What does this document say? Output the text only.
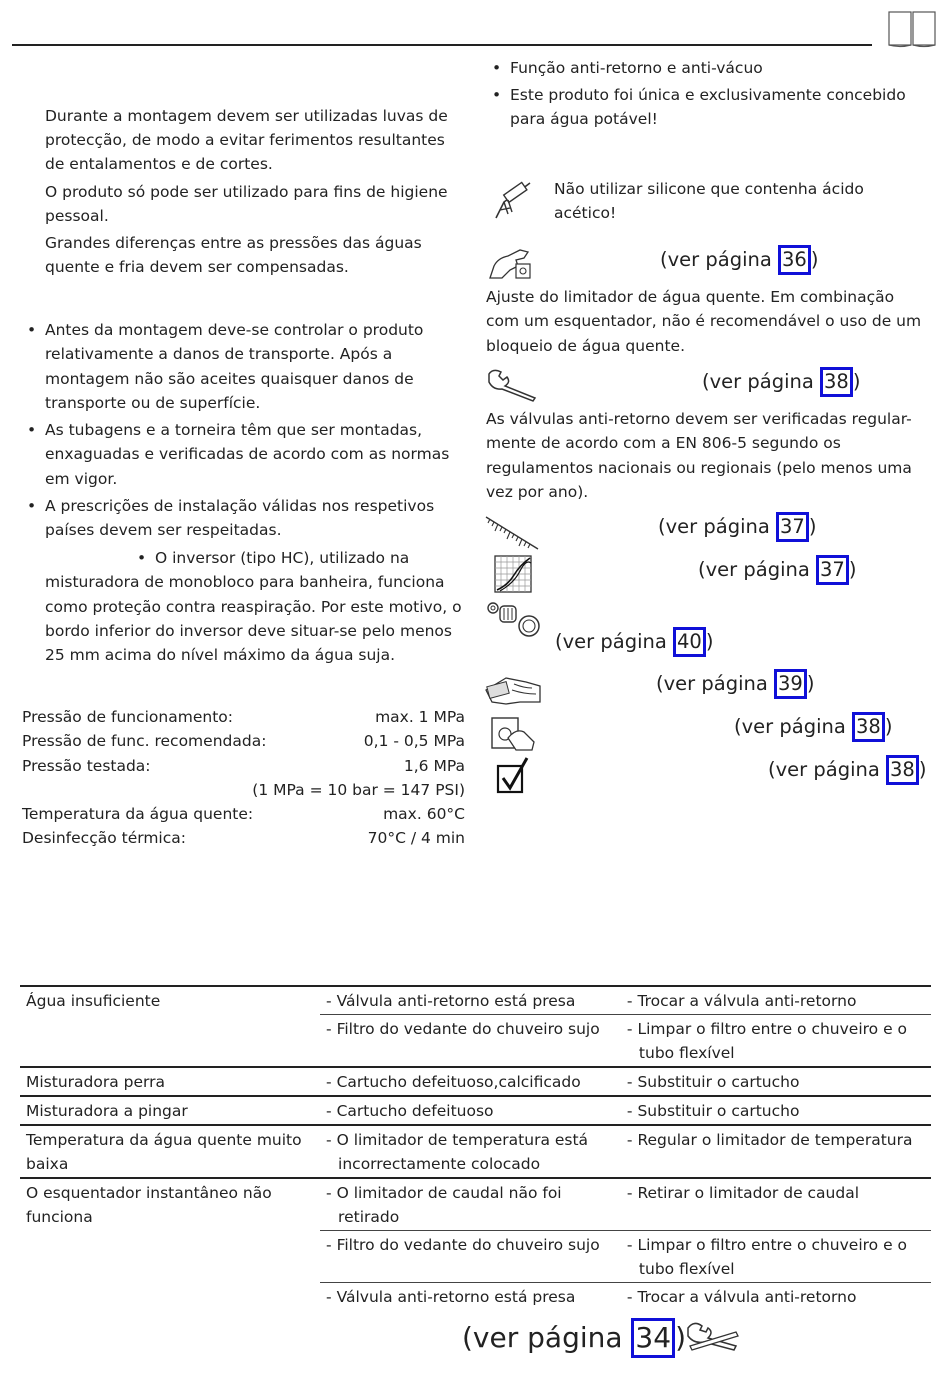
Durante a montagem devem ser utilizadas luvas de protecção, de modo a evitar ferimentos resultantes de entalamentos e de cortes.
O produto só pode ser utilizado para fins de higiene pessoal.
Grandes diferenças entre as pressões das águas quente e fria devem ser compensadas.
• Antes da montagem deve-se controlar o produto relativamente a danos de transporte. Após a montagem não são aceites quaisquer danos de transporte ou de superfície.
• As tubagens e a torneira têm que ser montadas, enxaguadas e verificadas de acordo com as normas em vigor.
• A prescrições de instalação válidas nos respetivos países devem ser respeitadas.
• O inversor (tipo HC), utilizado na misturadora de monobloco para banheira, funciona como proteção contra reaspiração. Por este motivo, o bordo inferior do inversor deve situar-se pelo menos 25 mm acima do nível máximo da água suja.
Pressão de funcionamento:	max. 1 MPa
Pressão de func. recomendada:	0,1 - 0,5 MPa
Pressão testada:	1,6 MPa
(1 MPa = 10 bar = 147 PSI)
Temperatura da água quente:	max. 60°C
Desinfecção térmica:	70°C / 4 min
• Função anti-retorno e anti-vácuo
• Este produto foi única e exclusivamente concebido para água potável!
Não utilizar silicone que contenha ácido acético!
(ver página 36 )
Ajuste do limitador de água quente. Em combinação com um esquentador, não é recomendável o uso de um bloqueio de água quente.
(ver página 38 )
As válvulas anti-retorno devem ser verificadas regular-mente de acordo com a EN 806-5 segundo os regulamentos nacionais ou regionais (pelo menos uma vez por ano).
(ver página 37 )
(ver página 37 )
(ver página 40 )
(ver página 39 )
(ver página 38 )
(ver página 38 )
Água insuficiente	- Válvula anti-retorno está presa	- Trocar a válvula anti-retorno

	- Filtro do vedante do chuveiro sujo	- Limpar o filtro entre o chuveiro e o tubo flexível

Misturadora perra	- Cartucho defeituoso,calcificado	- Substituir o cartucho

Misturadora a pingar	- Cartucho defeituoso	- Substituir o cartucho

Temperatura da água quente muito baixa	- O limitador de temperatura está incorrectamente colocado	- Regular o limitador de temperatura

O esquentador instantâneo não funciona	- O limitador de caudal não foi retirado	- Retirar o limitador de caudal

	- Filtro do vedante do chuveiro sujo	- Limpar o filtro entre o chuveiro e o tubo flexível

	- Válvula anti-retorno está presa	- Trocar a válvula anti-retorno
(ver página 34 )
